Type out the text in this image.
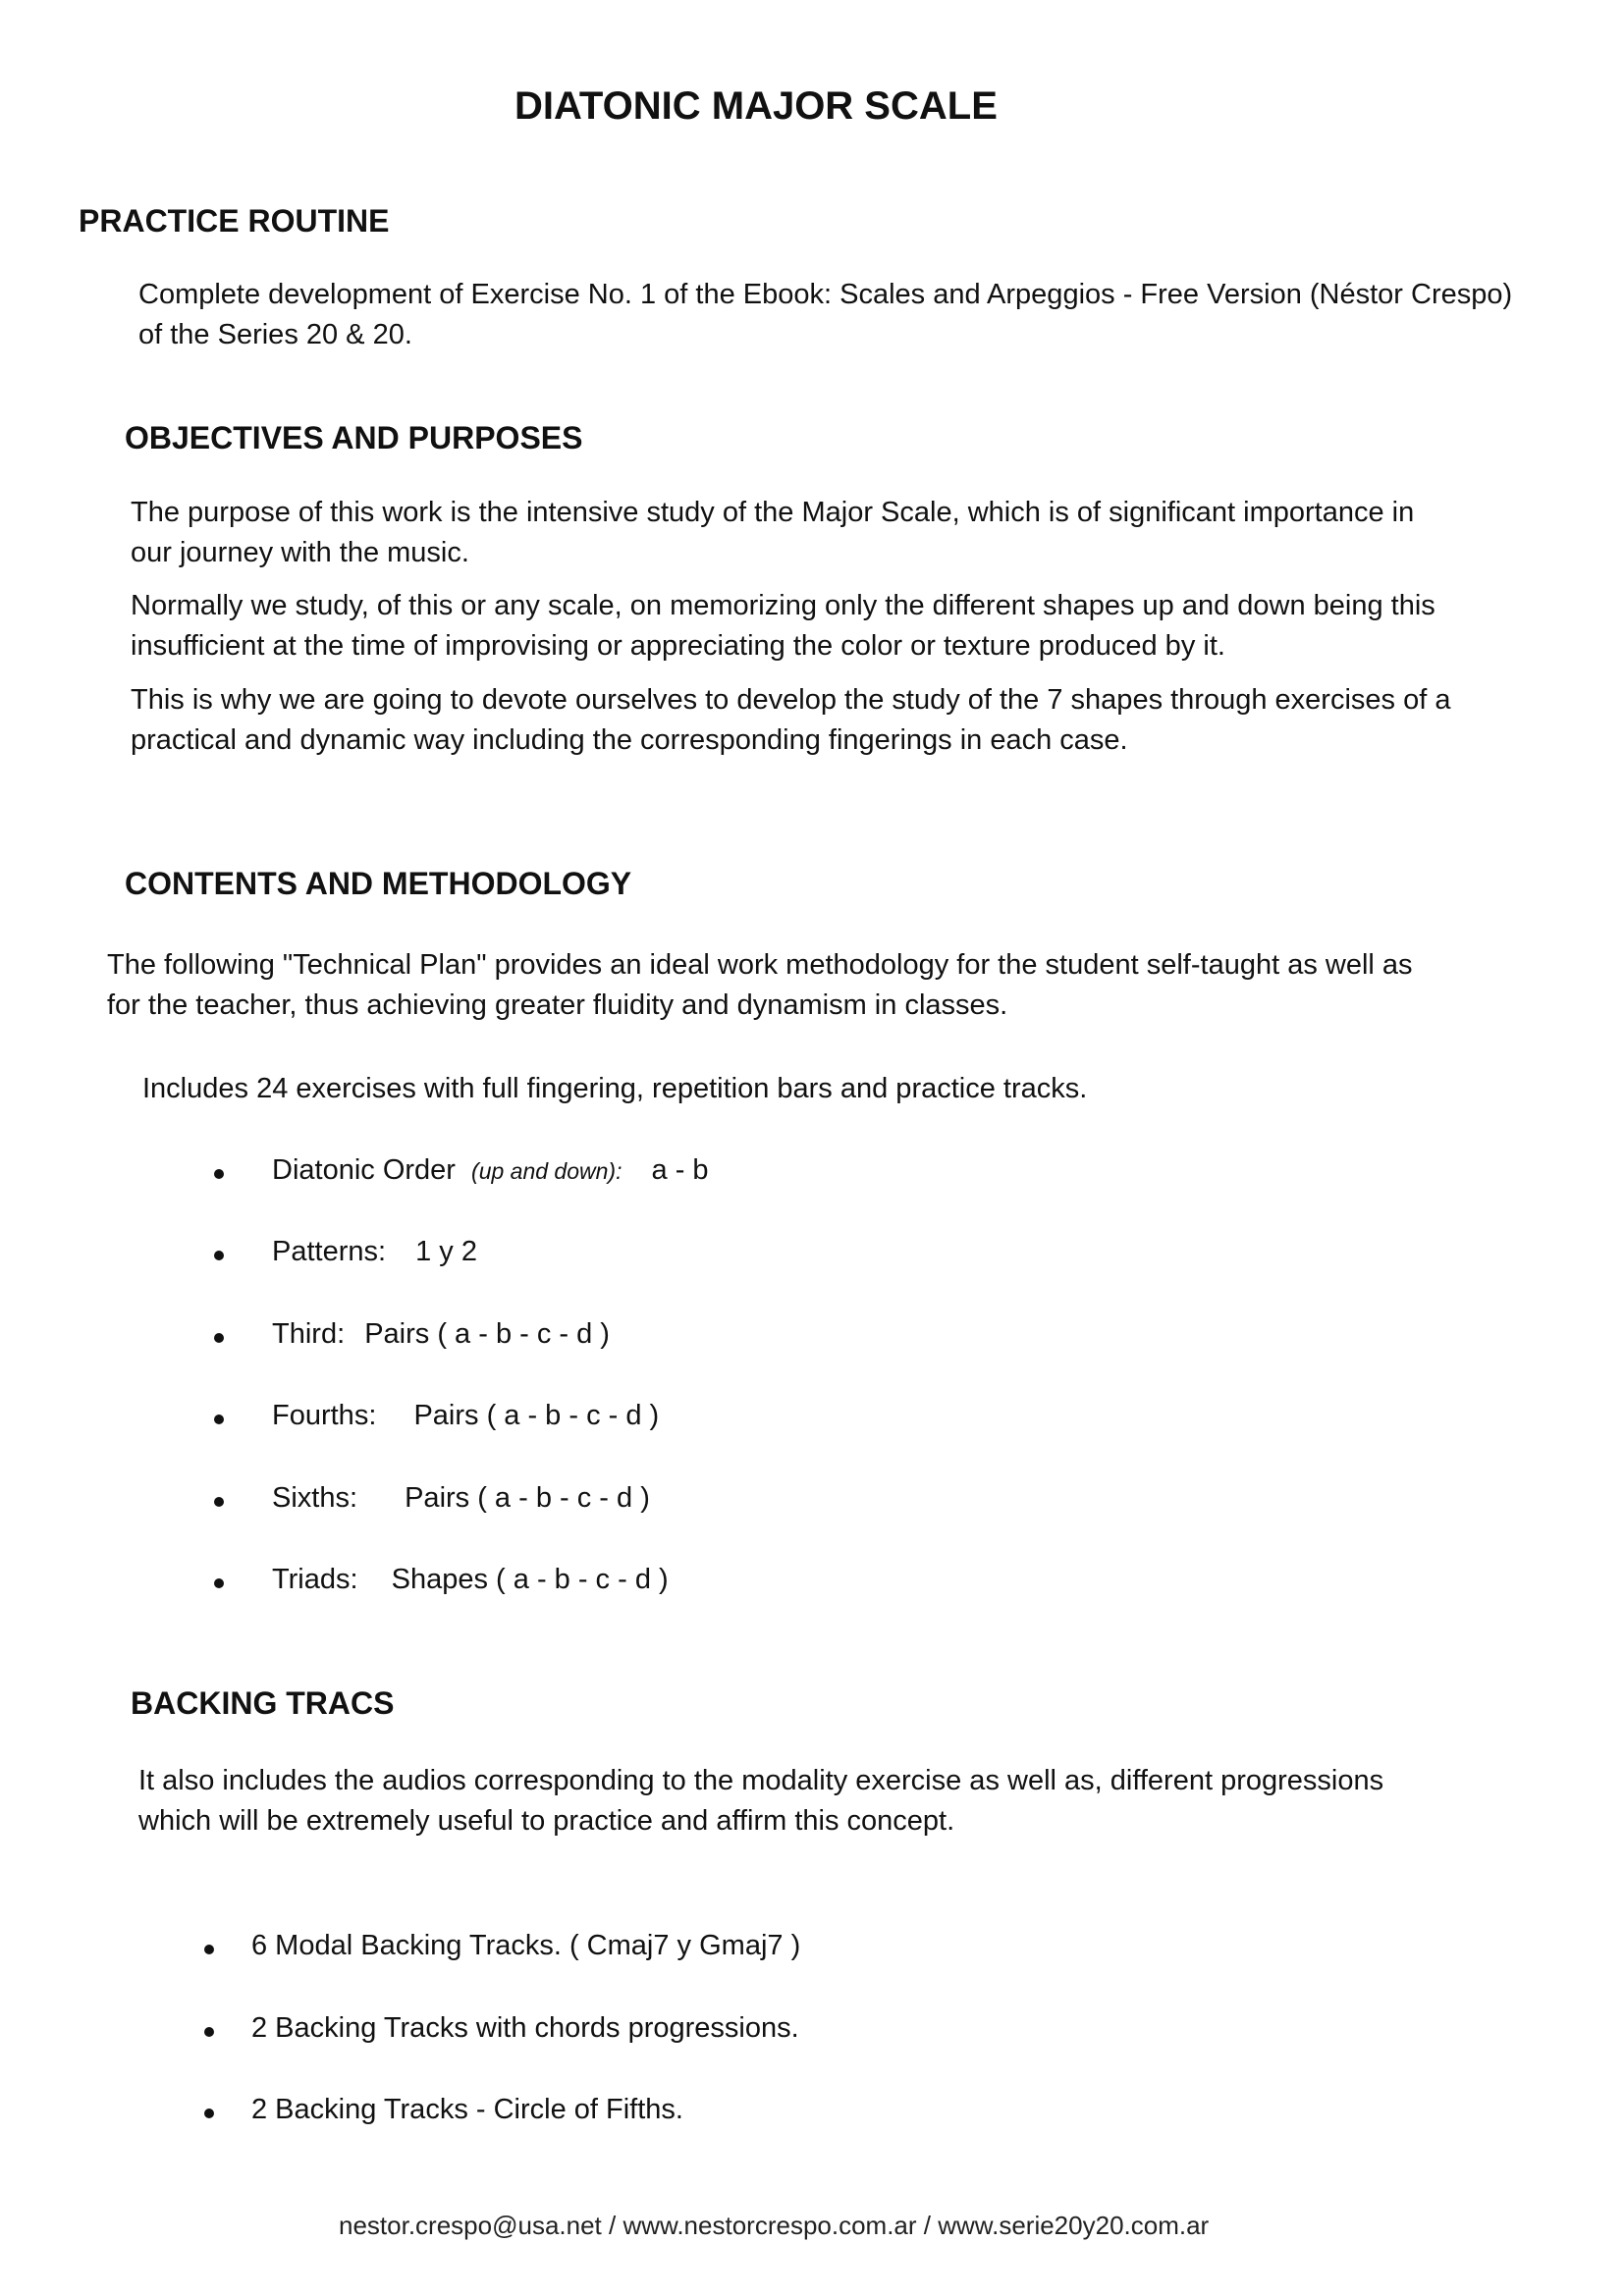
DIATONIC MAJOR SCALE
PRACTICE ROUTINE
Complete development of Exercise No. 1 of the Ebook: Scales and Arpeggios - Free Version (Néstor Crespo)
of the Series 20 & 20.
OBJECTIVES AND PURPOSES
The purpose of this work is the intensive study of the Major Scale, which is of significant importance in
our journey with the music.
Normally we study, of this or any scale, on memorizing only the different shapes up and down being this
insufficient at the time of improvising or appreciating the color or texture produced by it.
This is why we are going to devote ourselves to develop the study of the 7 shapes through exercises of a
practical and dynamic way including the corresponding fingerings in each case.
CONTENTS AND METHODOLOGY
The following "Technical Plan" provides an ideal work methodology for the student self-taught as well as
for the teacher, thus achieving greater fluidity and dynamism in classes.
Includes 24 exercises with full fingering, repetition bars and practice tracks.
Diatonic Order (up and down): a - b
Patterns: 1 y 2
Third: Pairs ( a - b - c - d )
Fourths: Pairs ( a - b - c - d )
Sixths: Pairs ( a - b - c - d )
Triads: Shapes ( a - b - c - d )
BACKING TRACS
It also includes the audios corresponding to the modality exercise as well as, different progressions
which will be extremely useful to practice and affirm this concept.
6 Modal Backing Tracks. ( Cmaj7 y Gmaj7 )
2 Backing Tracks with chords progressions.
2 Backing Tracks - Circle of Fifths.
nestor.crespo@usa.net / www.nestorcrespo.com.ar / www.serie20y20.com.ar
